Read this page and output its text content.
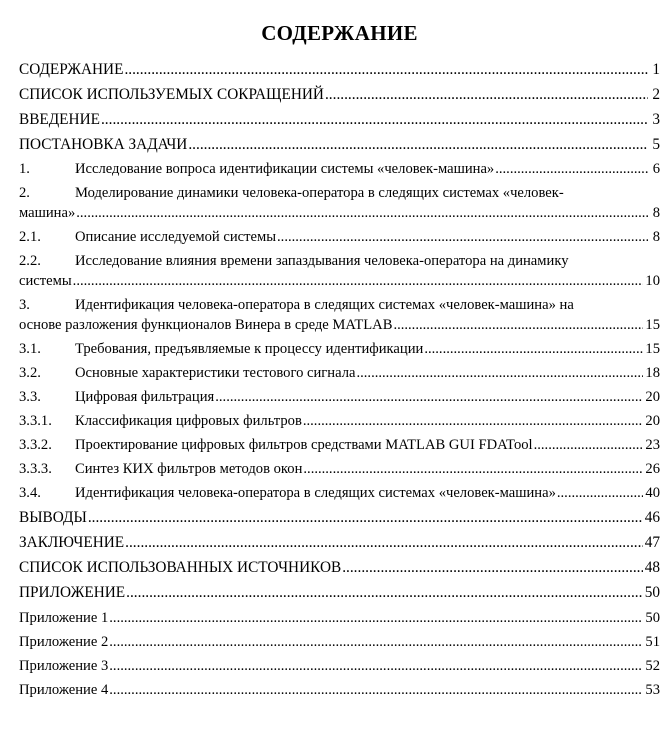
СОДЕРЖАНИЕ
СОДЕРЖАНИЕ .....	1
СПИСОК ИСПОЛЬЗУЕМЫХ СОКРАЩЕНИЙ .....	2
ВВЕДЕНИЕ .....	3
ПОСТАНОВКА ЗАДАЧИ .....	5
1.	Исследование вопроса идентификации системы «человек-машина» .....	6
2.	Моделирование динамики человека-оператора в следящих системах «человек-
машина» .....	8
2.1.	Описание исследуемой системы .....	8
2.2. Исследование влияния времени запаздывания человека-оператора на динамику
системы .....	10
3.	Идентификация человека-оператора в следящих системах «человек-машина» на
основе разложения функционалов Винера в среде MATLAB .....	15
3.1.	Требования, предъявляемые к процессу идентификации .....	15
3.2.	Основные характеристики тестового сигнала .....	18
3.3.	Цифровая фильтрация .....	20
3.3.1.	Классификация цифровых фильтров .....	20
3.3.2.	Проектирование цифровых фильтров средствами MATLAB GUI FDATool .....	23
3.3.3.	Синтез КИХ фильтров методов окон .....	26
3.4.	Идентификация человека-оператора в следящих системах «человек-машина» .....	40
ВЫВОДЫ .....	46
ЗАКЛЮЧЕНИЕ .....	47
СПИСОК ИСПОЛЬЗОВАННЫХ ИСТОЧНИКОВ .....	48
ПРИЛОЖЕНИЕ .....	50
Приложение 1 .....	50
Приложение 2 .....	51
Приложение 3 .....	52
Приложение 4 .....	53
